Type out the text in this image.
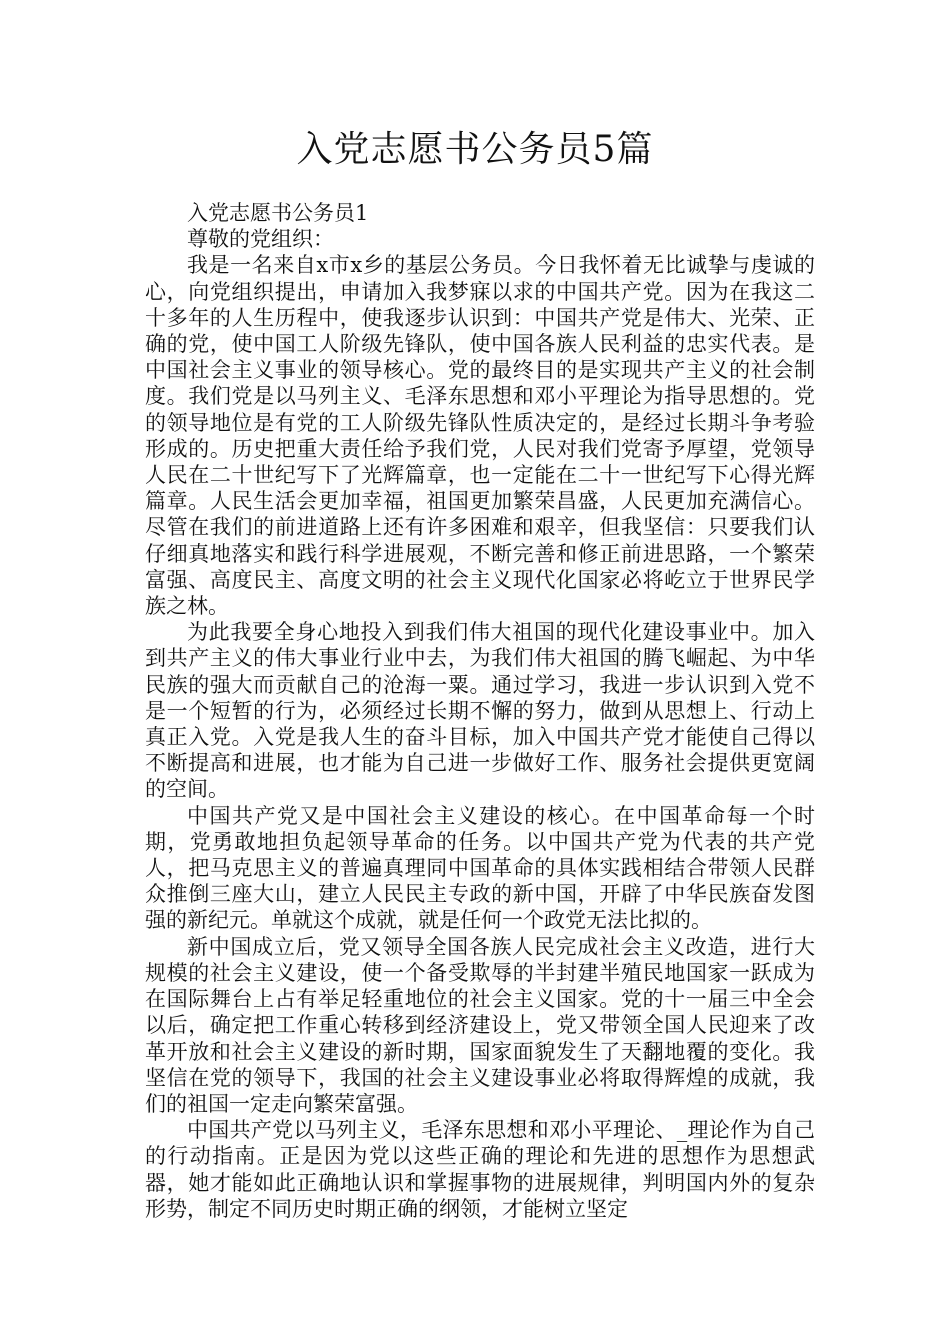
入党志愿书公务员5篇

入党志愿书公务员1

尊敬的党组织：

我是一名来自x市x乡的基层公务员。今日我怀着无比诚挚与虔诚的心，向党组织提出，申请加入我梦寐以求的中国共产党。因为在我这二十多年的人生历程中，使我逐步认识到：中国共产党是伟大、光荣、正确的党，使中国工人阶级先锋队，使中国各族人民利益的忠实代表。是中国社会主义事业的领导核心。党的最终目的是实现共产主义的社会制度。我们党是以马列主义、毛泽东思想和邓小平理论为指导思想的。党的领导地位是有党的工人阶级先锋队性质决定的，是经过长期斗争考验形成的。历史把重大责任给予我们党，人民对我们党寄予厚望，党领导人民在二十世纪写下了光辉篇章，也一定能在二十一世纪写下心得光辉篇章。人民生活会更加幸福，祖国更加繁荣昌盛，人民更加充满信心。尽管在我们的前进道路上还有许多困难和艰辛，但我坚信：只要我们认仔细真地落实和践行科学进展观，不断完善和修正前进思路，一个繁荣富强、高度民主、高度文明的社会主义现代化国家必将屹立于世界民学族之林。

为此我要全身心地投入到我们伟大祖国的现代化建设事业中。加入到共产主义的伟大事业行业中去，为我们伟大祖国的腾飞崛起、为中华民族的强大而贡献自己的沧海一粟。通过学习，我进一步认识到入党不是一个短暂的行为，必须经过长期不懈的努力，做到从思想上、行动上真正入党。入党是我人生的奋斗目标，加入中国共产党才能使自己得以不断提高和进展，也才能为自己进一步做好工作、服务社会提供更宽阔的空间。

中国共产党又是中国社会主义建设的核心。在中国革命每一个时期，党勇敢地担负起领导革命的任务。以中国共产党为代表的共产党人，把马克思主义的普遍真理同中国革命的具体实践相结合带领人民群众推倒三座大山，建立人民民主专政的新中国，开辟了中华民族奋发图强的新纪元。单就这个成就，就是任何一个政党无法比拟的。

新中国成立后，党又领导全国各族人民完成社会主义改造，进行大规模的社会主义建设，使一个备受欺辱的半封建半殖民地国家一跃成为在国际舞台上占有举足轻重地位的社会主义国家。党的十一届三中全会以后，确定把工作重心转移到经济建设上，党又带领全国人民迎来了改革开放和社会主义建设的新时期，国家面貌发生了天翻地覆的变化。我坚信在党的领导下，我国的社会主义建设事业必将取得辉煌的成就，我们的祖国一定走向繁荣富强。

中国共产党以马列主义，毛泽东思想和邓小平理论、_理论作为自己的行动指南。正是因为党以这些正确的理论和先进的思想作为思想武器，她才能如此正确地认识和掌握事物的进展规律，判明国内外的复杂形势，制定不同历史时期正确的纲领，才能树立坚定
